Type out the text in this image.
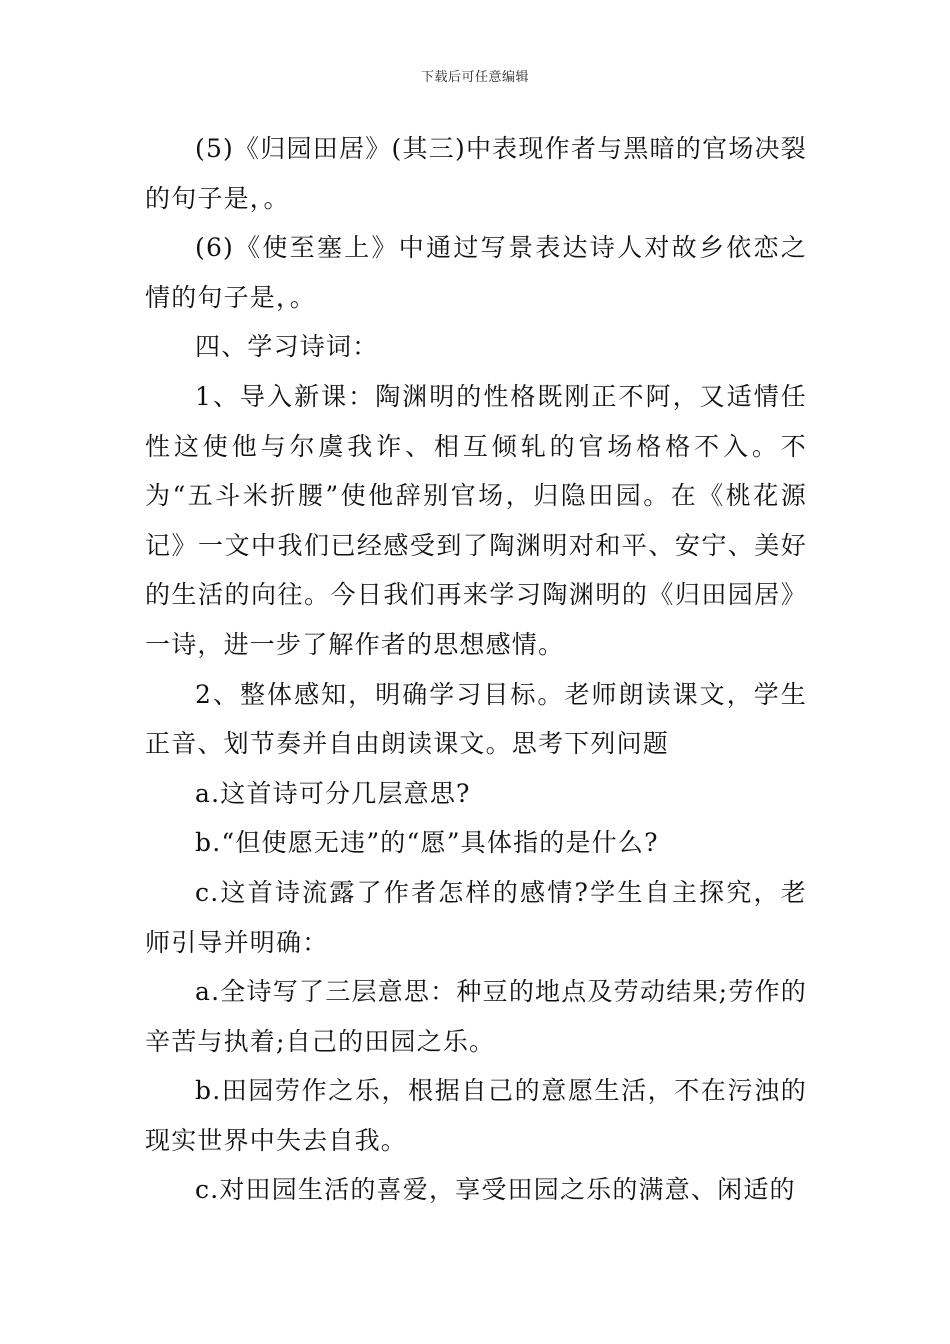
下载后可任意编辑

(5)《归园田居》(其三)中表现作者与黑暗的官场决裂的句子是，。

(6)《使至塞上》中通过写景表达诗人对故乡依恋之情的句子是，。

四、学习诗词：

1、导入新课：陶渊明的性格既刚正不阿，又适情任性这使他与尔虞我诈、相互倾轧的官场格格不入。不为“五斗米折腰”使他辞别官场，归隐田园。在《桃花源记》一文中我们已经感受到了陶渊明对和平、安宁、美好的生活的向往。今日我们再来学习陶渊明的《归田园居》一诗，进一步了解作者的思想感情。

2、整体感知，明确学习目标。老师朗读课文，学生正音、划节奏并自由朗读课文。思考下列问题

a.这首诗可分几层意思?

b.“但使愿无违”的“愿”具体指的是什么?

c.这首诗流露了作者怎样的感情?学生自主探究，老师引导并明确：

a.全诗写了三层意思：种豆的地点及劳动结果;劳作的辛苦与执着;自己的田园之乐。

b.田园劳作之乐，根据自己的意愿生活，不在污浊的现实世界中失去自我。

c.对田园生活的喜爱，享受田园之乐的满意、闲适的
